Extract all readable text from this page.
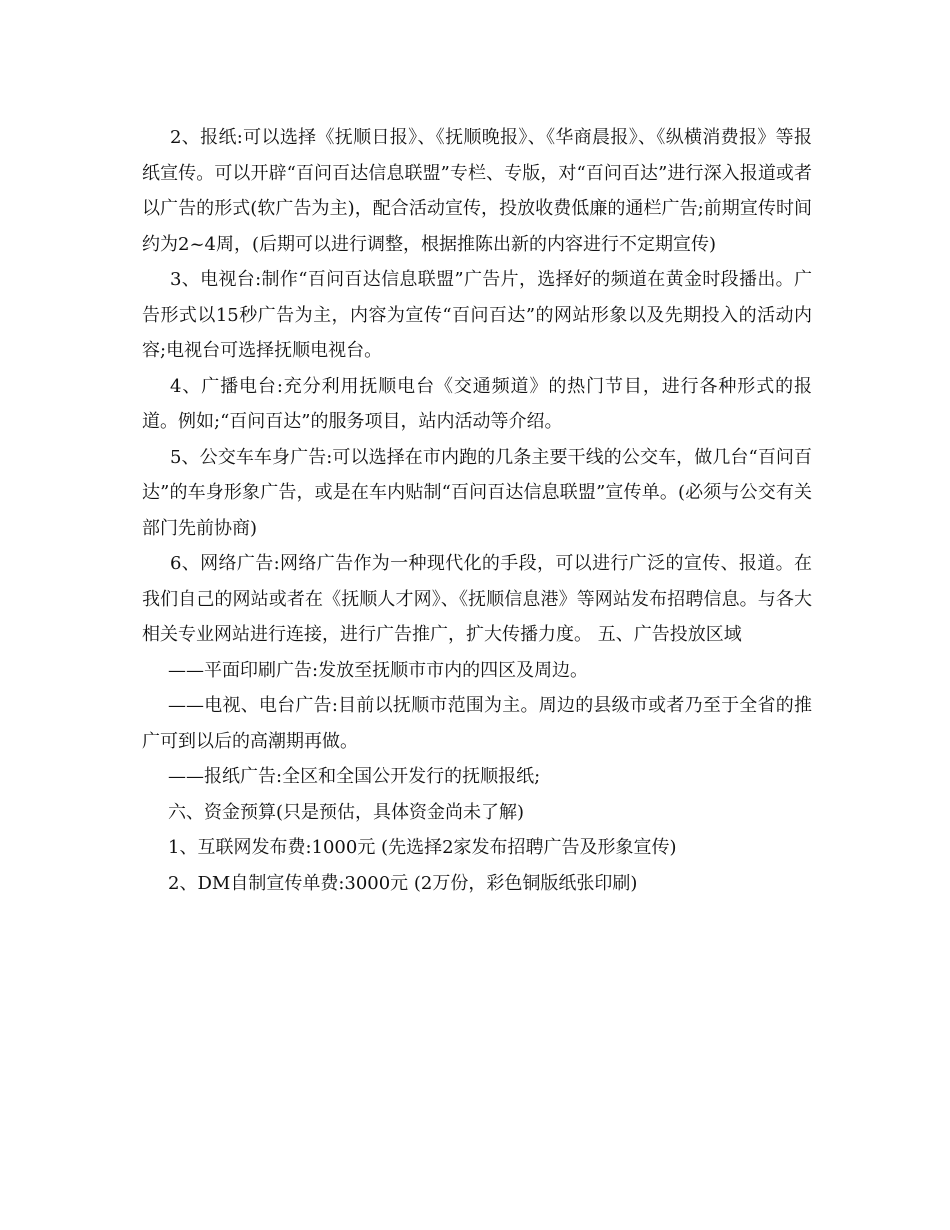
2、报纸:可以选择《抚顺日报》、《抚顺晚报》、《华商晨报》、《纵横消费报》等报纸宣传。可以开辟“百问百达信息联盟”专栏、专版，对“百问百达”进行深入报道或者以广告的形式(软广告为主)，配合活动宣传，投放收费低廉的通栏广告;前期宣传时间约为2~4周，(后期可以进行调整，根据推陈出新的内容进行不定期宣传)

3、电视台:制作“百问百达信息联盟”广告片，选择好的频道在黄金时段播出。广告形式以15秒广告为主，内容为宣传“百问百达”的网站形象以及先期投入的活动内容;电视台可选择抚顺电视台。

4、广播电台:充分利用抚顺电台《交通频道》的热门节目，进行各种形式的报道。例如;“百问百达”的服务项目，站内活动等介绍。

5、公交车车身广告:可以选择在市内跑的几条主要干线的公交车，做几台“百问百达”的车身形象广告，或是在车内贴制“百问百达信息联盟”宣传单。(必须与公交有关部门先前协商)

6、网络广告:网络广告作为一种现代化的手段，可以进行广泛的宣传、报道。在我们自己的网站或者在《抚顺人才网》、《抚顺信息港》等网站发布招聘信息。与各大相关专业网站进行连接，进行广告推广，扩大传播力度。 五、广告投放区域

——平面印刷广告:发放至抚顺市市内的四区及周边。

——电视、电台广告:目前以抚顺市范围为主。周边的县级市或者乃至于全省的推广可到以后的高潮期再做。

——报纸广告:全区和全国公开发行的抚顺报纸;

六、资金预算(只是预估，具体资金尚未了解)

1、互联网发布费:1000元 (先选择2家发布招聘广告及形象宣传)

2、DM自制宣传单费:3000元 (2万份，彩色铜版纸张印刷)
